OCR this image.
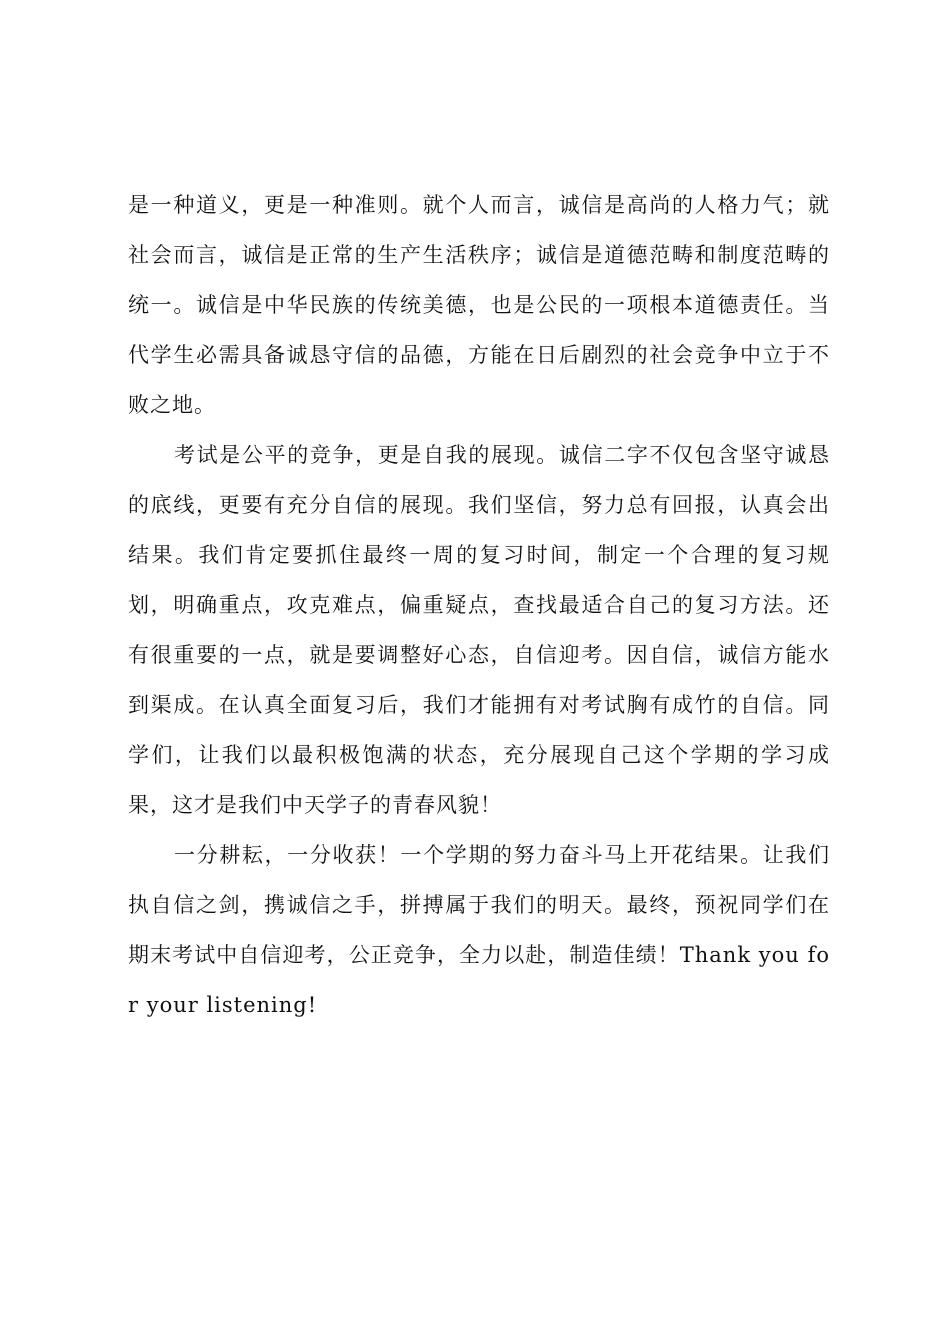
是一种道义，更是一种准则。就个人而言，诚信是高尚的人格力气；就社会而言，诚信是正常的生产生活秩序；诚信是道德范畴和制度范畴的统一。诚信是中华民族的传统美德，也是公民的一项根本道德责任。当代学生必需具备诚恳守信的品德，方能在日后剧烈的社会竞争中立于不败之地。

考试是公平的竞争，更是自我的展现。诚信二字不仅包含坚守诚恳的底线，更要有充分自信的展现。我们坚信，努力总有回报，认真会出结果。我们肯定要抓住最终一周的复习时间，制定一个合理的复习规划，明确重点，攻克难点，偏重疑点，查找最适合自己的复习方法。还有很重要的一点，就是要调整好心态，自信迎考。因自信，诚信方能水到渠成。在认真全面复习后，我们才能拥有对考试胸有成竹的自信。同学们，让我们以最积极饱满的状态，充分展现自己这个学期的学习成果，这才是我们中天学子的青春风貌！

一分耕耘，一分收获！一个学期的努力奋斗马上开花结果。让我们执自信之剑，携诚信之手，拼搏属于我们的明天。最终，预祝同学们在期末考试中自信迎考，公正竞争，全力以赴，制造佳绩！Thank you for your listening!
